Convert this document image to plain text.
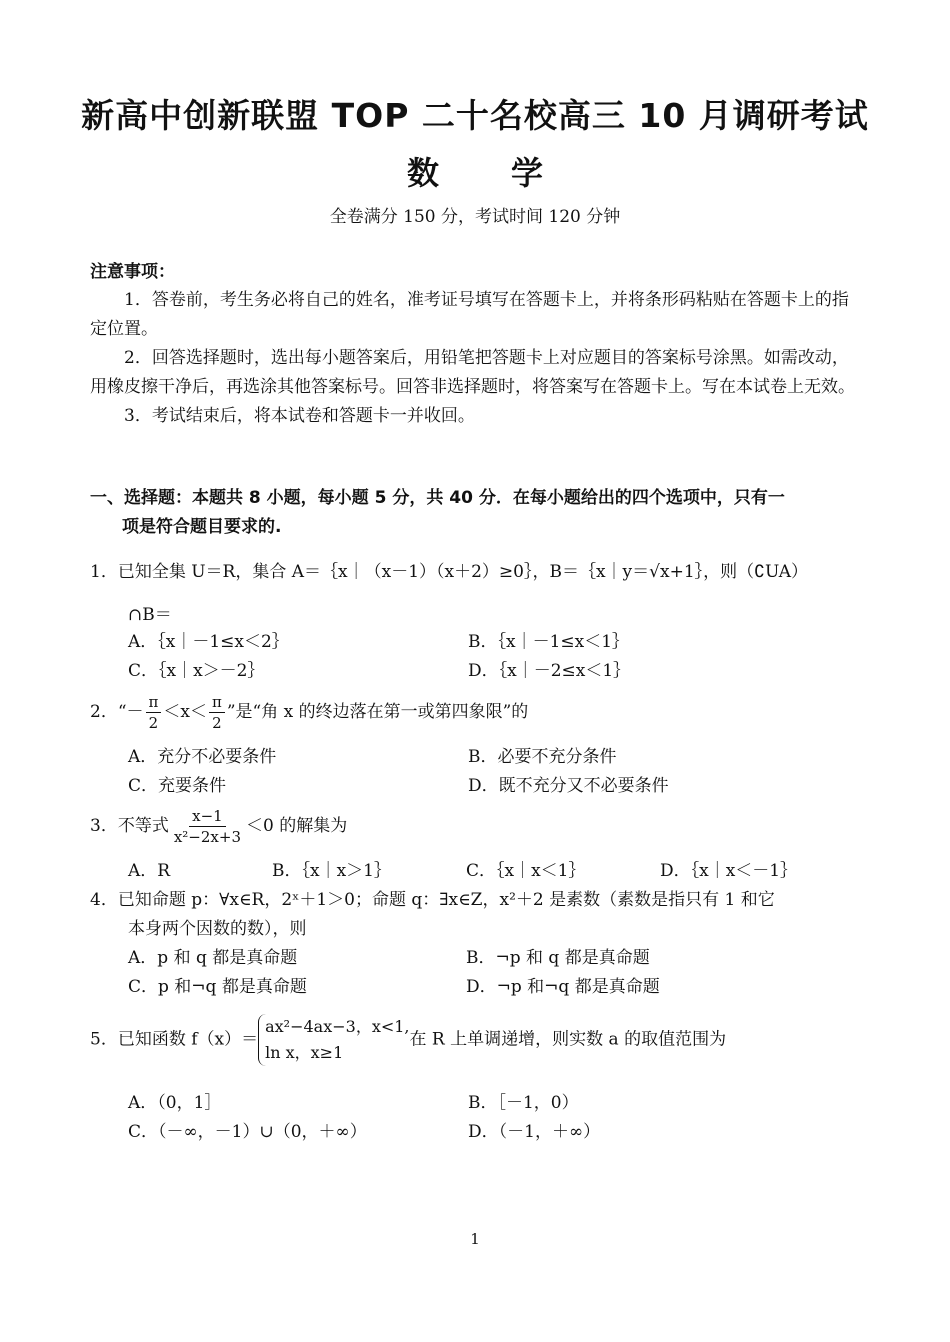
新高中创新联盟 TOP 二十名校高三 10 月调研考试
数 学
全卷满分 150 分，考试时间 120 分钟
注意事项：

1．答卷前，考生务必将自己的姓名，准考证号填写在答题卡上，并将条形码粘贴在答题卡上的指定位置。

2．回答选择题时，选出每小题答案后，用铅笔把答题卡上对应题目的答案标号涂黑。如需改动，用橡皮擦干净后，再选涂其他答案标号。回答非选择题时，将答案写在答题卡上。写在本试卷上无效。

3．考试结束后，将本试卷和答题卡一并收回。

一、选择题：本题共 8 小题，每小题 5 分，共 40 分．在每小题给出的四个选项中，只有一
项是符合题目要求的.
1．已知全集 U＝R，集合 A＝｛x｜（x－1）（x＋2）≥0｝，B＝｛x｜y＝√x+1｝，则（∁UA）
∩B＝
A．｛x｜－1≤x＜2｝	B．｛x｜－1≤x＜1｝
C．｛x｜x＞－2｝	D．｛x｜－2≤x＜1｝
2．“－ $\frac{\pi}{2} <x< \frac{\pi}{2}$ ”是“角 x 的终边落在第一或第四象限”的
A．充分不必要条件	B．必要不充分条件
C．充要条件	D．既不充分又不必要条件
3．不等式 $\frac{x-1}{\text{x²−2x+3}} <0$ 的解集为
A．R	B．｛x｜x＞1｝	C．｛x｜x＜1｝	D．｛x｜x＜－1｝
4．已知命题 p：∀x∈R，2ˣ＋1＞0；命题 q：∃x∈Z，x²＋2 是素数（素数是指只有 1 和它
本身两个因数的数），则
A．p 和 q 都是真命题	B．¬p 和 q 都是真命题
C．p 和¬q 都是真命题	D．¬p 和¬q 都是真命题
5．已知函数 f（x）＝
ax²−4ax−3，x<1,
ln x，x≥1
在 R 上单调递增，则实数 a 的取值范围为
A．（0，1］	B．［－1，0）
C．（－∞，－1）∪（0，＋∞）	D．（－1，＋∞）
1
